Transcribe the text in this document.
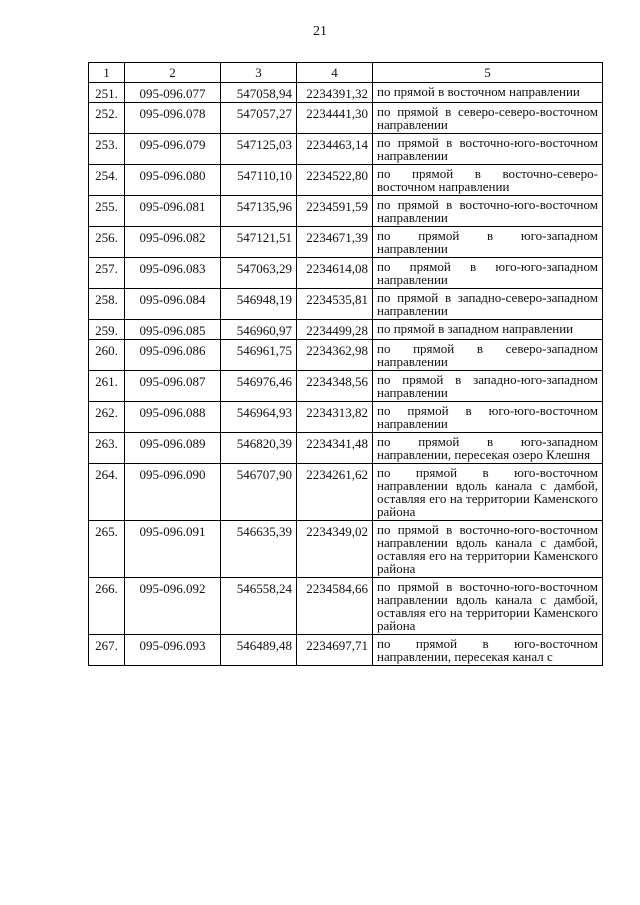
21
1	2	3	4	5
251.	095-096.077	547058,94	2234391,32	по прямой в восточном направлении
252.	095-096.078	547057,27	2234441,30	по прямой в северо-северо-восточном направлении
253.	095-096.079	547125,03	2234463,14	по прямой в восточно-юго-восточном направлении
254.	095-096.080	547110,10	2234522,80	по прямой в восточно-северо-восточном направлении
255.	095-096.081	547135,96	2234591,59	по прямой в восточно-юго-восточном направлении
256.	095-096.082	547121,51	2234671,39	по прямой в юго-западном направлении
257.	095-096.083	547063,29	2234614,08	по прямой в юго-юго-западном направлении
258.	095-096.084	546948,19	2234535,81	по прямой в западно-северо-западном направлении
259.	095-096.085	546960,97	2234499,28	по прямой в западном направлении
260.	095-096.086	546961,75	2234362,98	по прямой в северо-западном направлении
261.	095-096.087	546976,46	2234348,56	по прямой в западно-юго-западном направлении
262.	095-096.088	546964,93	2234313,82	по прямой в юго-юго-восточном направлении
263.	095-096.089	546820,39	2234341,48	по прямой в юго-западном направлении, пересекая озеро Клешня
264.	095-096.090	546707,90	2234261,62	по прямой в юго-восточном направлении вдоль канала с дамбой, оставляя его на территории Каменского района
265.	095-096.091	546635,39	2234349,02	по прямой в восточно-юго-восточном направлении вдоль канала с дамбой, оставляя его на территории Каменского района
266.	095-096.092	546558,24	2234584,66	по прямой в восточно-юго-восточном направлении вдоль канала с дамбой, оставляя его на территории Каменского района
267.	095-096.093	546489,48	2234697,71	по прямой в юго-восточном направлении, пересекая канал с
